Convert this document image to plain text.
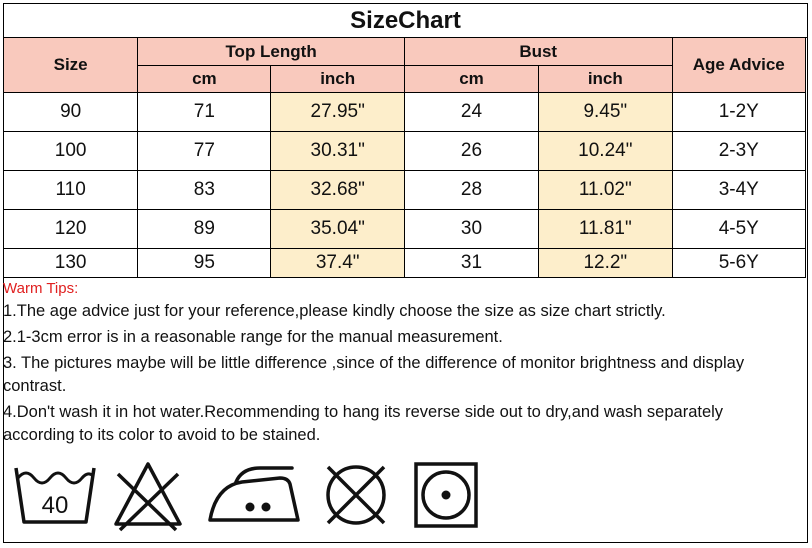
SizeChart
Size	Top Length		Bust		Age Advice
	cm	inch	cm	inch	
90	71	27.95"	24	9.45"	1-2Y
100	77	30.31"	26	10.24"	2-3Y
110	83	32.68"	28	11.02"	3-4Y
120	89	35.04"	30	11.81"	4-5Y
130	95	37.4"	31	12.2"	5-6Y
Warm Tips:
1.The age advice just for your reference,please kindly choose the size as size chart strictly.
2.1-3cm error is in a reasonable range for the manual measurement.
3. The pictures maybe will be little difference ,since of the difference of monitor brightness and display contrast.
4.Don't wash it in hot water.Recommending to hang its reverse side out to dry,and wash separately according to its color to avoid to be stained.
40
